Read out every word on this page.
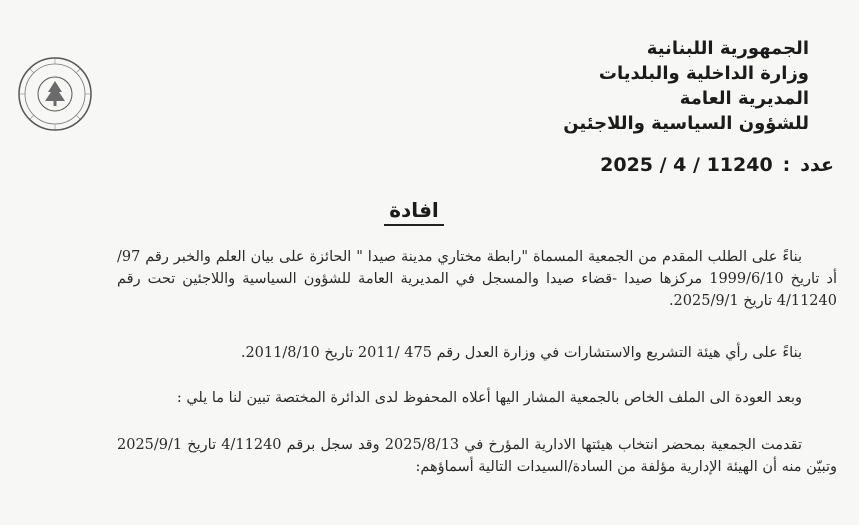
الجمهورية اللبنانية
وزارة الداخلية والبلديات
المديرية العامة
للشؤون السياسية واللاجئين
عدد:2025 / 4 / 11240
افادة
بناءً على الطلب المقدم من الجمعية المسماة "رابطة مختاري مدينة صيدا " الحائزة على بيان العلم والخبر رقم 97/أد تاريخ 1999/6/10 مركزها صيدا -قضاء صيدا والمسجل في المديرية العامة للشؤون السياسية واللاجئين تحت رقم 4/11240 تاريخ 2025/9/1.
بناءً على رأي هيئة التشريع والاستشارات في وزارة العدل رقم 475 /2011 تاريخ 2011/8/10.
وبعد العودة الى الملف الخاص بالجمعية المشار اليها أعلاه المحفوظ لدى الدائرة المختصة تبين لنا ما يلي :
تقدمت الجمعية بمحضر انتخاب هيئتها الادارية المؤرخ في 2025/8/13 وقد سجل برقم 4/11240 تاريخ 2025/9/1 وتبيّن منه أن الهيئة الإدارية مؤلفة من السادة/السيدات التالية أسماؤهم:
